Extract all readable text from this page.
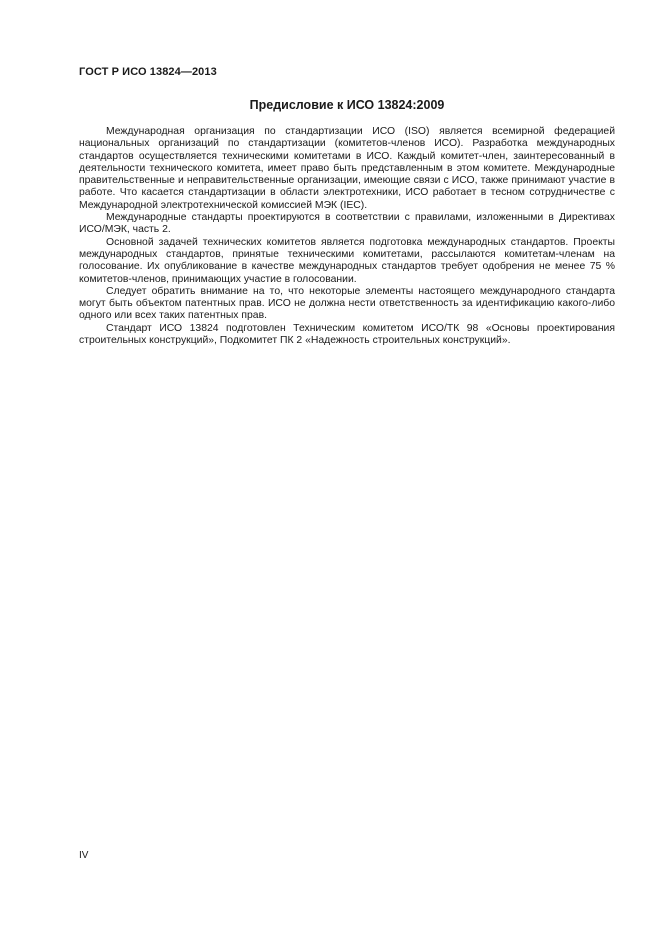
ГОСТ Р ИСО 13824—2013
Предисловие к ИСО 13824:2009

Международная организация по стандартизации ИСО (ISO) является всемирной федерацией национальных организаций по стандартизации (комитетов-членов ИСО). Разработка международных стандартов осуществляется техническими комитетами в ИСО. Каждый комитет-член, заинтересованный в деятельности технического комитета, имеет право быть представленным в этом комитете. Международные правительственные и неправительственные организации, имеющие связи с ИСО, также принимают участие в работе. Что касается стандартизации в области электротехники, ИСО работает в тесном сотрудничестве с Международной электротехнической комиссией МЭК (IEC).

Международные стандарты проектируются в соответствии с правилами, изложенными в Директивах ИСО/МЭК, часть 2.

Основной задачей технических комитетов является подготовка международных стандартов. Проекты международных стандартов, принятые техническими комитетами, рассылаются комитетам-членам на голосование. Их опубликование в качестве международных стандартов требует одобрения не менее 75 % комитетов-членов, принимающих участие в голосовании.

Следует обратить внимание на то, что некоторые элементы настоящего международного стандарта могут быть объектом патентных прав. ИСО не должна нести ответственность за идентификацию какого-либо одного или всех таких патентных прав.

Стандарт ИСО 13824 подготовлен Техническим комитетом ИСО/ТК 98 «Основы проектирования строительных конструкций», Подкомитет ПК 2 «Надежность строительных конструкций».

IV
